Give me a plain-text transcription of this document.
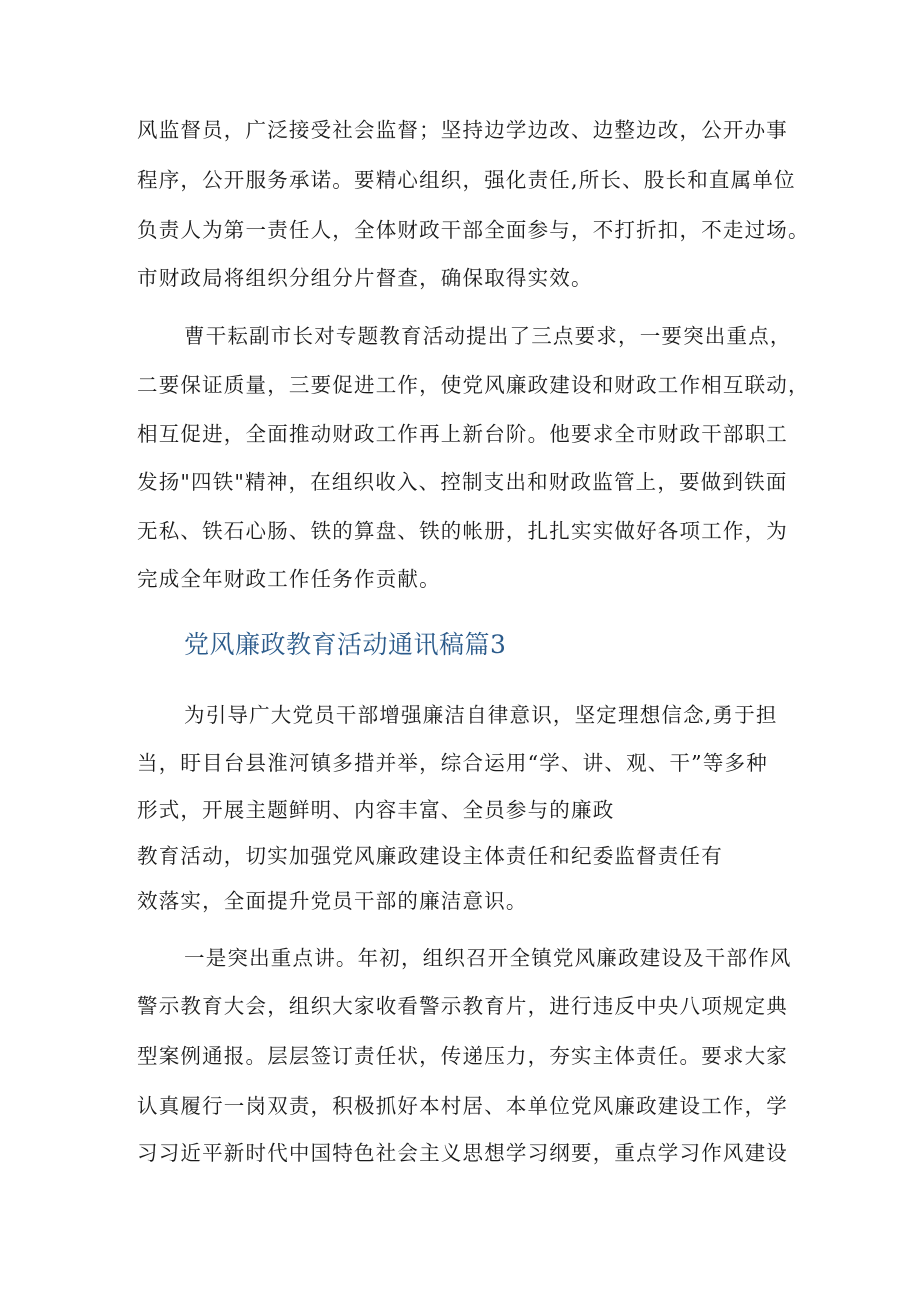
风监督员，广泛接受社会监督；坚持边学边改、边整边改，公开办事
程序，公开服务承诺。要精心组织，强化责任,所长、股长和直属单位
负责人为第一责任人，全体财政干部全面参与，不打折扣，不走过场。
市财政局将组织分组分片督查，确保取得实效。
曹干耘副市长对专题教育活动提出了三点要求，一要突出重点，
二要保证质量，三要促进工作，使党风廉政建设和财政工作相互联动，
相互促进，全面推动财政工作再上新台阶。他要求全市财政干部职工
发扬"四铁"精神，在组织收入、控制支出和财政监管上，要做到铁面
无私、铁石心肠、铁的算盘、铁的帐册，扎扎实实做好各项工作，为
完成全年财政工作任务作贡献。
党风廉政教育活动通讯稿篇3
为引导广大党员干部增强廉洁自律意识，坚定理想信念,勇于担
当，盱目台县淮河镇多措并举，综合运用“学、讲、观、干”等多种
形式，开展主题鲜明、内容丰富、全员参与的廉政
教育活动，切实加强党风廉政建设主体责任和纪委监督责任有
效落实，全面提升党员干部的廉洁意识。
一是突出重点讲。年初，组织召开全镇党风廉政建设及干部作风
警示教育大会，组织大家收看警示教育片，进行违反中央八项规定典
型案例通报。层层签订责任状，传递压力，夯实主体责任。要求大家
认真履行一岗双责，积极抓好本村居、本单位党风廉政建设工作，学
习习近平新时代中国特色社会主义思想学习纲要，重点学习作风建设
